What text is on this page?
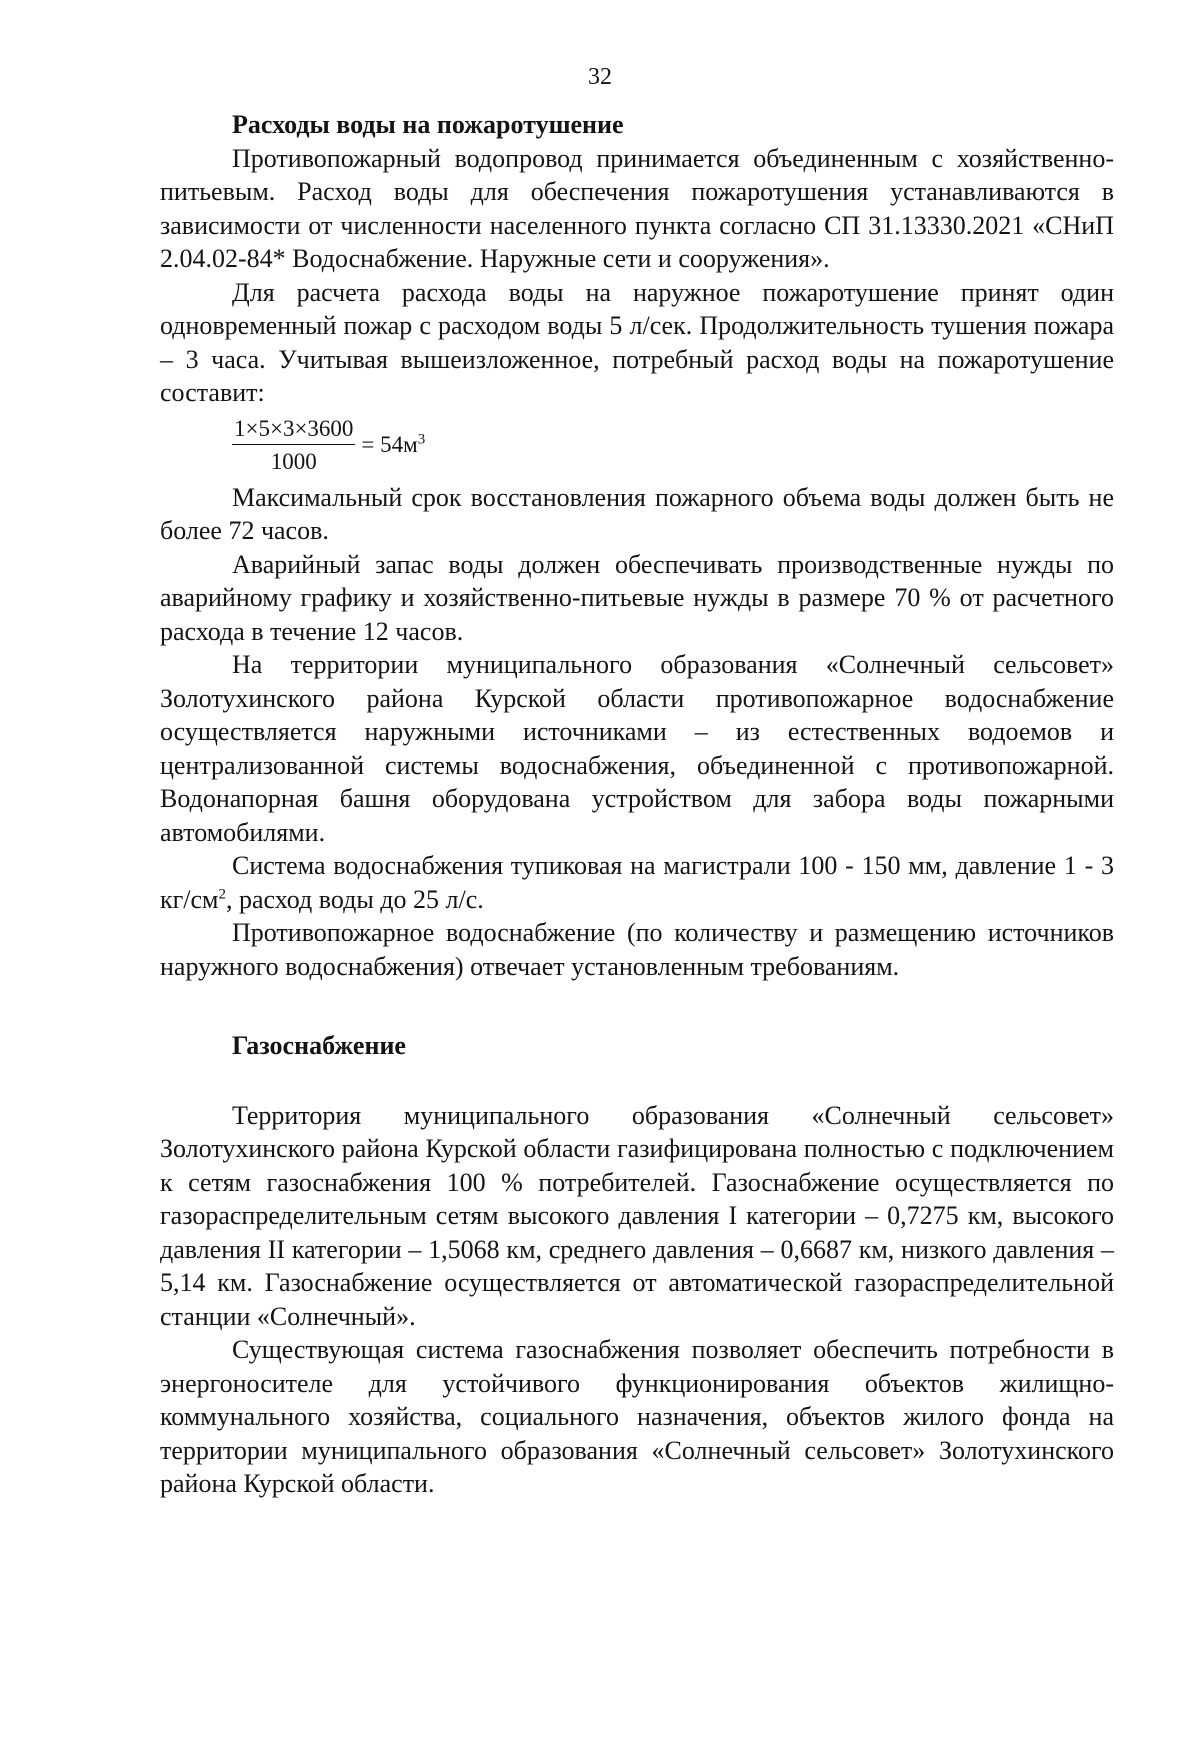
32

Расходы воды на пожаротушение

Противопожарный водопровод принимается объединенным с хозяйственно-питьевым. Расход воды для обеспечения пожаротушения устанавливаются в зависимости от численности населенного пункта согласно СП 31.13330.2021 «СНиП 2.04.02-84* Водоснабжение. Наружные сети и сооружения».

Для расчета расхода воды на наружное пожаротушение принят один одновременный пожар с расходом воды 5 л/сек. Продолжительность тушения пожара – 3 часа. Учитывая вышеизложенное, потребный расход воды на пожаротушение составит:

$\frac{1\times 5\times 3\times 3600}{1000} = 54м^3$

Максимальный срок восстановления пожарного объема воды должен быть не более 72 часов.

Аварийный запас воды должен обеспечивать производственные нужды по аварийному графику и хозяйственно-питьевые нужды в размере 70 % от расчетного расхода в течение 12 часов.

На территории муниципального образования «Солнечный сельсовет» Золотухинского района Курской области противопожарное водоснабжение осуществляется наружными источниками – из естественных водоемов и централизованной системы водоснабжения, объединенной с противопожарной. Водонапорная башня оборудована устройством для забора воды пожарными автомобилями.

Система водоснабжения тупиковая на магистрали 100 - 150 мм, давление 1 - 3 $кг/см^2$, расход воды до 25 л/с.

Противопожарное водоснабжение (по количеству и размещению источников наружного водоснабжения) отвечает установленным требованиям.

Газоснабжение

Территория муниципального образования «Солнечный сельсовет» Золотухинского района Курской области газифицирована полностью с подключением к сетям газоснабжения 100 % потребителей. Газоснабжение осуществляется по газораспределительным сетям высокого давления I категории – 0,7275 км, высокого давления II категории – 1,5068 км, среднего давления – 0,6687 км, низкого давления – 5,14 км. Газоснабжение осуществляется от автоматической газораспределительной станции «Солнечный».

Существующая система газоснабжения позволяет обеспечить потребности в энергоносителе для устойчивого функционирования объектов жилищно-коммунального хозяйства, социального назначения, объектов жилого фонда на территории муниципального образования «Солнечный сельсовет» Золотухинского района Курской области.
